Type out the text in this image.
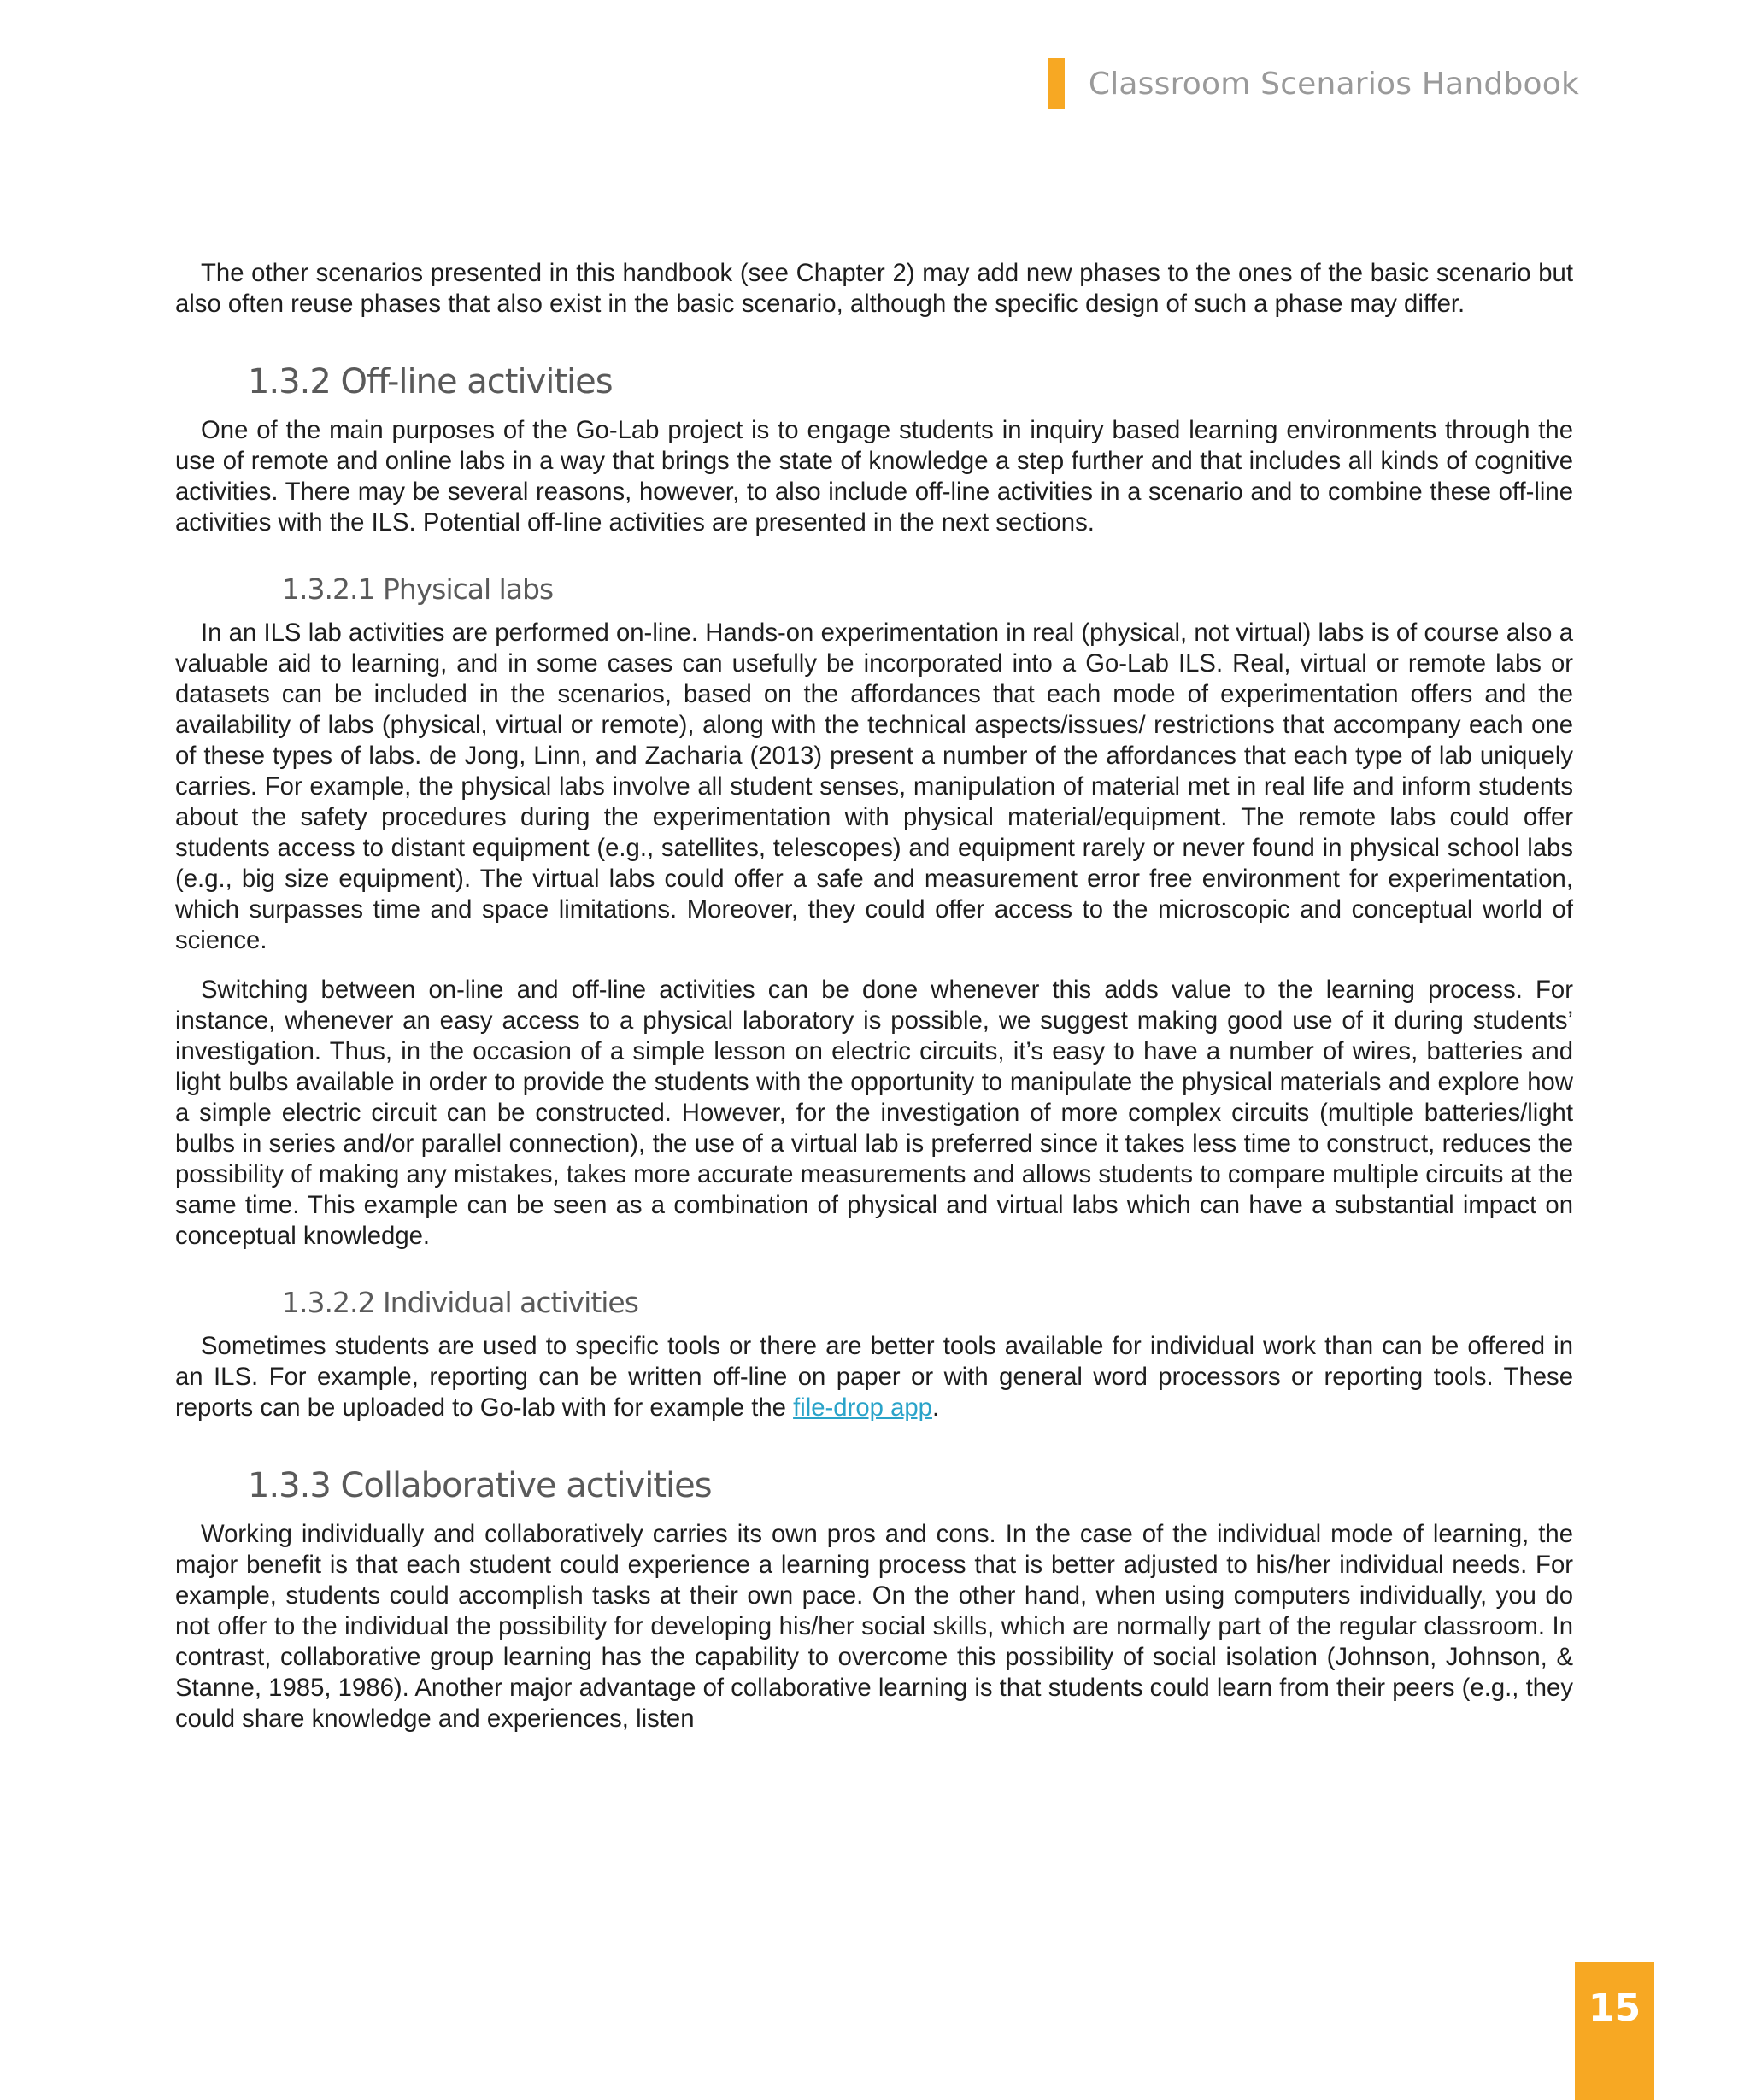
Classroom Scenarios Handbook

The other scenarios presented in this handbook (see Chapter 2) may add new phases to the ones of the basic scenario but also often reuse phases that also exist in the basic scenario, although the specific design of such a phase may differ.

1.3.2 Off-line activities

One of the main purposes of the Go-Lab project is to engage students in inquiry based learning environments through the use of remote and online labs in a way that brings the state of knowledge a step further and that includes all kinds of cognitive activities. There may be several reasons, however, to also include off-line activities in a scenario and to combine these off-line activities with the ILS. Potential off-line activities are presented in the next sections.

1.3.2.1 Physical labs

In an ILS lab activities are performed on-line. Hands-on experimentation in real (physical, not virtual) labs is of course also a valuable aid to learning, and in some cases can usefully be incorporated into a Go-Lab ILS. Real, virtual or remote labs or datasets can be included in the scenarios, based on the affordances that each mode of experimentation offers and the availability of labs (physical, virtual or remote), along with the technical aspects/issues/ restrictions that accompany each one of these types of labs. de Jong, Linn, and Zacharia (2013) present a number of the affordances that each type of lab uniquely carries. For example, the physical labs involve all student senses, manipulation of material met in real life and inform students about the safety procedures during the experimentation with physical material/equipment. The remote labs could offer students access to distant equipment (e.g., satellites, telescopes) and equipment rarely or never found in physical school labs (e.g., big size equipment). The virtual labs could offer a safe and measurement error free environment for experimentation, which surpasses time and space limitations. Moreover, they could offer access to the microscopic and conceptual world of science.

Switching between on-line and off-line activities can be done whenever this adds value to the learning process. For instance, whenever an easy access to a physical laboratory is possible, we suggest making good use of it during students’ investigation. Thus, in the occasion of a simple lesson on electric circuits, it’s easy to have a number of wires, batteries and light bulbs available in order to provide the students with the opportunity to manipulate the physical materials and explore how a simple electric circuit can be constructed. However, for the investigation of more complex circuits (multiple batteries/light bulbs in series and/or parallel connection), the use of a virtual lab is preferred since it takes less time to construct, reduces the possibility of making any mistakes, takes more accurate measurements and allows students to compare multiple circuits at the same time. This example can be seen as a combination of physical and virtual labs which can have a substantial impact on conceptual knowledge.

1.3.2.2 Individual activities

Sometimes students are used to specific tools or there are better tools available for individual work than can be offered in an ILS. For example, reporting can be written off-line on paper or with general word processors or reporting tools. These reports can be uploaded to Go-lab with for example the file-drop app.

1.3.3 Collaborative activities

Working individually and collaboratively carries its own pros and cons. In the case of the individual mode of learning, the major benefit is that each student could experience a learning process that is better adjusted to his/her individual needs. For example, students could accomplish tasks at their own pace. On the other hand, when using computers individually, you do not offer to the individual the possibility for developing his/her social skills, which are normally part of the regular classroom. In contrast, collaborative group learning has the capability to overcome this possibility of social isolation (Johnson, Johnson, & Stanne, 1985, 1986). Another major advantage of collaborative learning is that students could learn from their peers (e.g., they could share knowledge and experiences, listen

15
